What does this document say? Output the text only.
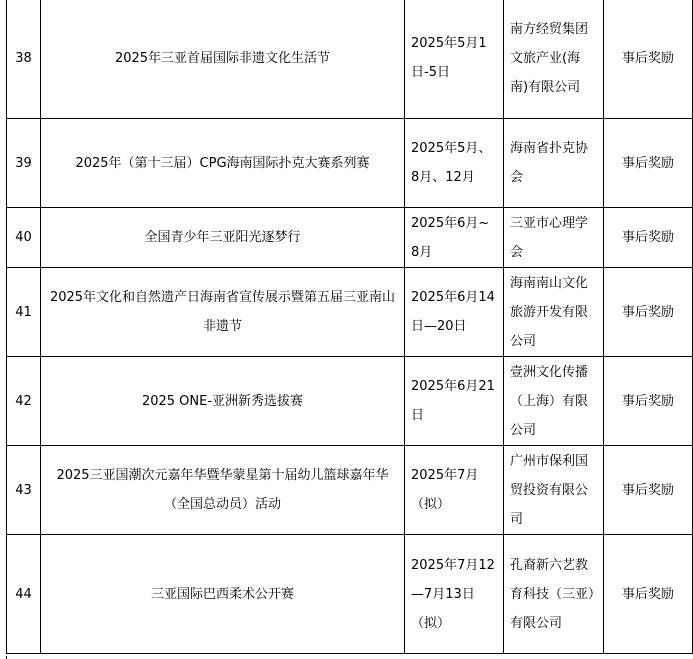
38	2025年三亚首届国际非遗文化生活节	2025年5月1日-5日	南方经贸集团文旅产业(海南)有限公司	事后奖励

39	2025年（第十三届）CPG海南国际扑克大赛系列赛	2025年5月、8月、12月	海南省扑克协会	事后奖励

40	全国青少年三亚阳光逐梦行	2025年6月~8月	三亚市心理学会	事后奖励

41	2025年文化和自然遗产日海南省宣传展示暨第五届三亚南山非遗节	2025年6月14日—20日	海南南山文化旅游开发有限公司	事后奖励

42	2025 ONE-亚洲新秀选拔赛	2025年6月21日	壹洲文化传播（上海）有限公司	事后奖励

43	2025三亚国潮次元嘉年华暨华蒙星第十届幼儿篮球嘉年华（全国总动员）活动	2025年7月（拟）	广州市保利国贸投资有限公司	事后奖励

44	三亚国际巴西柔术公开赛	2025年7月12—7月13日（拟）	孔裔新六艺教育科技（三亚）有限公司	事后奖励
